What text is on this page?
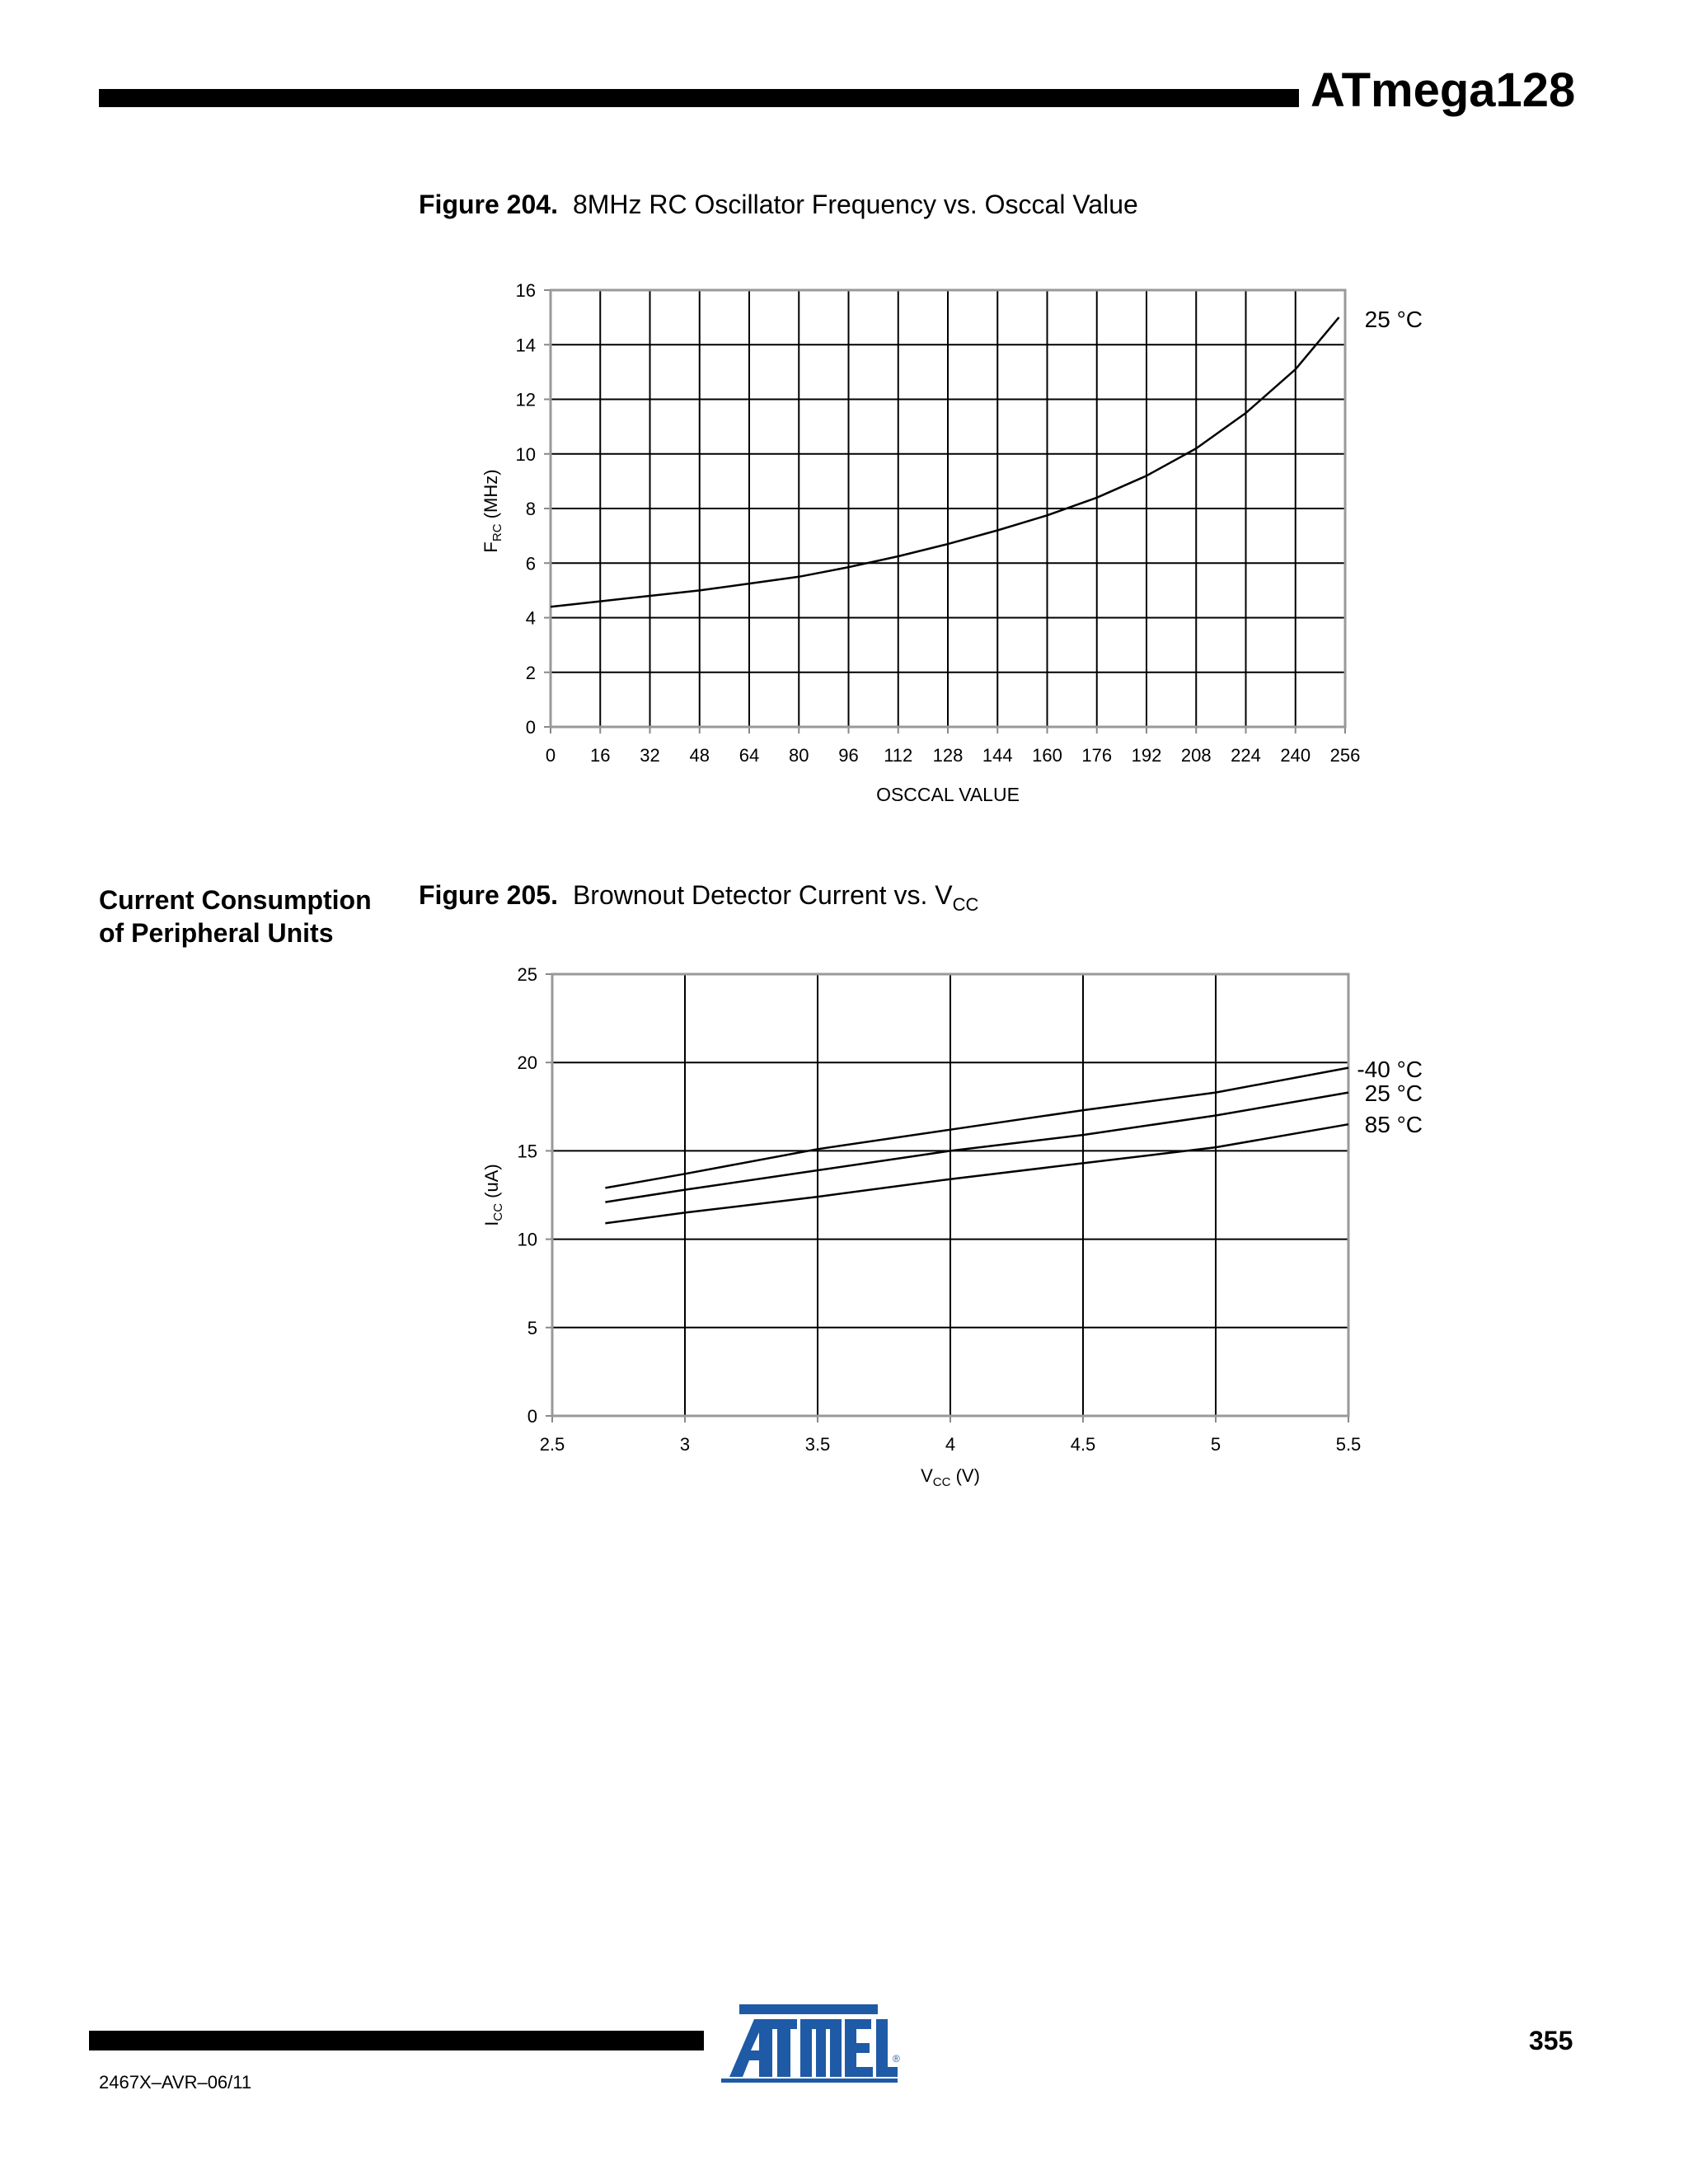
ATmega128
Figure 204. 8MHz RC Oscillator Frequency vs. Osccal Value
0
2
4
6
8
10
12
14
16
0 16 32 48 64 80 96 112 128 144 160 176 192 208 224 240 256
25 °C
OSCCAL VALUE
$F_{RC}$ (MHz)
Current Consumption
of Peripheral Units
Figure 205. Brownout Detector Current vs. $V_{CC}$
0
5
10
15
20
25
2.5	3	3.5	4	4.5	5	5.5
-40 °C
25 °C
85 °C
$V_{CC}$ (V)
$I_{CC}$ (uA)
®
2467X–AVR–06/11
355
